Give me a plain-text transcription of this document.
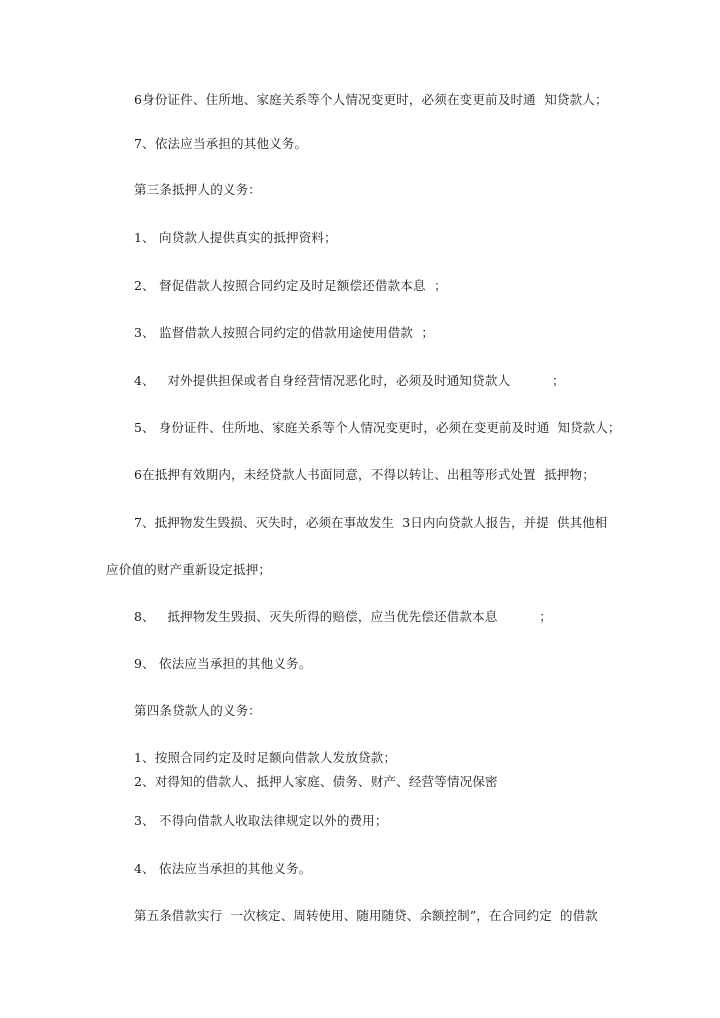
6身份证件、住所地、家庭关系等个人情况变更时，必须在变更前及时通  知贷款人；
7、依法应当承担的其他义务。
第三条抵押人的义务：
1、 向贷款人提供真实的抵押资料；
2、 督促借款人按照合同约定及时足额偿还借款本息  ；
3、 监督借款人按照合同约定的借款用途使用借款  ；
4、   对外提供担保或者自身经营情况恶化时，必须及时通知贷款人          ；
5、 身份证件、住所地、家庭关系等个人情况变更时，必须在变更前及时通  知贷款人；
6在抵押有效期内，未经贷款人书面同意，不得以转让、出租等形式处置  抵押物；
7、抵押物发生毁损、灭失时，必须在事故发生  3日内向贷款人报告，并提  供其他相
应价值的财产重新设定抵押；
8、   抵押物发生毁损、灭失所得的赔偿，应当优先偿还借款本息          ；
9、 依法应当承担的其他义务。
第四条贷款人的义务：
1、按照合同约定及时足额向借款人发放贷款；
2、对得知的借款人、抵押人家庭、债务、财产、经营等情况保密
3、 不得向借款人收取法律规定以外的费用；
4、 依法应当承担的其他义务。
第五条借款实行  一次核定、周转使用、随用随贷、余额控制”，在合同约定  的借款
